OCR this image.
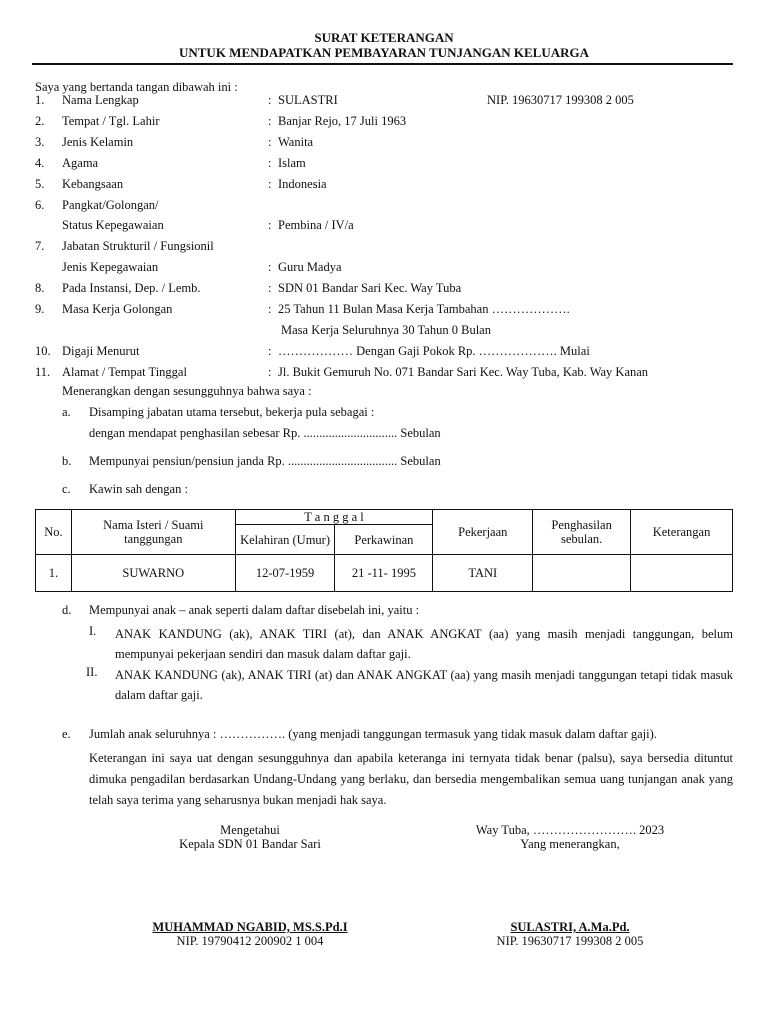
SURAT KETERANGAN
UNTUK MENDAPATKAN PEMBAYARAN TUNJANGAN KELUARGA
Saya yang bertanda tangan dibawah ini :
1. Nama Lengkap	: SULASTRI
2. Tempat / Tgl. Lahir	: Banjar Rejo, 17 Juli 1963
3. Jenis Kelamin	: Wanita
4. Agama	: Islam
5. Kebangsaan	: Indonesia
6. Pangkat/Golongan/
Status Kepegawaian	: Pembina / IV/a
7. Jabatan Strukturil / Fungsionil
Jenis Kepegawaian	: Guru Madya
8. Pada Instansi, Dep. / Lemb.	: SDN 01 Bandar Sari Kec. Way Tuba
9. Masa Kerja Golongan	: 25 Tahun 11 Bulan Masa Kerja Tambahan ……………….
Masa Kerja Seluruhnya 30 Tahun 0 Bulan
10. Digaji Menurut	: ……………… Dengan Gaji Pokok Rp. ………………. Mulai
11. Alamat / Tempat Tinggal	: Jl. Bukit Gemuruh No. 071 Bandar Sari Kec. Way Tuba, Kab. Way Kanan
NIP. 19630717 199308 2 005
Menerangkan dengan sesungguhnya bahwa saya :
a. Disamping jabatan utama tersebut, bekerja pula sebagai :
dengan mendapat penghasilan sebesar Rp. .............................. Sebulan
b. Mempunyai pensiun/pensiun janda Rp. ................................... Sebulan
c. Kawin sah dengan :
No.	Nama Isteri / Suami tanggungan	T a n g g a l		Pekerjaan	Penghasilan sebulan.	Keterangan
		Kelahiran (Umur)	Perkawinan			
1.	SUWARNO	12-07-1959	21 -11- 1995	TANI		
d. Mempunyai anak – anak seperti dalam daftar disebelah ini, yaitu :
I. ANAK KANDUNG (ak), ANAK TIRI (at), dan ANAK ANGKAT (aa) yang masih menjadi tanggungan, belum mempunyai pekerjaan sendiri dan masuk dalam daftar gaji.
II. ANAK KANDUNG (ak), ANAK TIRI (at) dan ANAK ANGKAT (aa) yang masih menjadi tanggungan tetapi tidak masuk dalam daftar gaji.
e. Jumlah anak seluruhnya : ……………. (yang menjadi tanggungan termasuk yang tidak masuk dalam daftar gaji).
Keterangan ini saya uat dengan sesungguhnya dan apabila keteranga ini ternyata tidak benar (palsu), saya bersedia dituntut dimuka pengadilan berdasarkan Undang-Undang yang berlaku, dan bersedia mengembalikan semua uang tunjangan anak yang telah saya terima yang seharusnya bukan menjadi hak saya.
Mengetahui
Kepala SDN 01 Bandar Sari
Way Tuba, ……………………. 2023
Yang menerangkan,
MUHAMMAD NGABID, MS.S.Pd.I
NIP. 19790412 200902 1 004
SULASTRI, A.Ma.Pd.
NIP. 19630717 199308 2 005
